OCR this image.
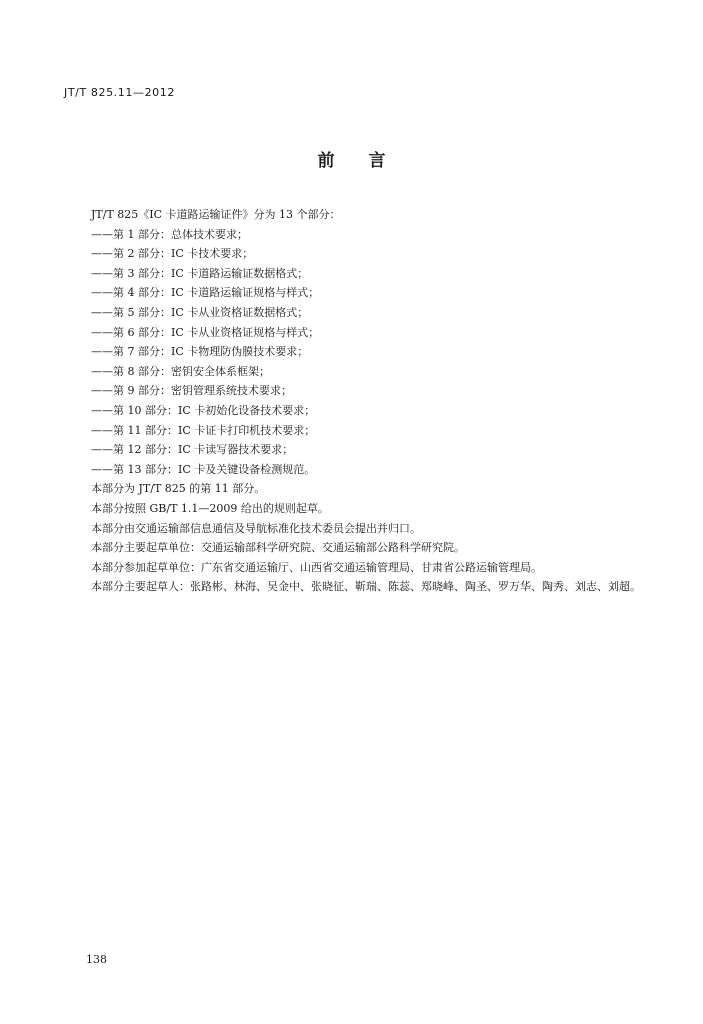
JT/T 825.11—2012
前言

JT/T 825《IC 卡道路运输证件》分为 13 个部分：

——第 1 部分：总体技术要求；

——第 2 部分：IC 卡技术要求；

——第 3 部分：IC 卡道路运输证数据格式；

——第 4 部分：IC 卡道路运输证规格与样式；

——第 5 部分：IC 卡从业资格证数据格式；

——第 6 部分：IC 卡从业资格证规格与样式；

——第 7 部分：IC 卡物理防伪膜技术要求；

——第 8 部分：密钥安全体系框架；

——第 9 部分：密钥管理系统技术要求；

——第 10 部分：IC 卡初始化设备技术要求；

——第 11 部分：IC 卡证卡打印机技术要求；

——第 12 部分：IC 卡读写器技术要求；

——第 13 部分：IC 卡及关键设备检测规范。

本部分为 JT/T 825 的第 11 部分。

本部分按照 GB/T 1.1—2009 给出的规则起草。

本部分由交通运输部信息通信及导航标准化技术委员会提出并归口。

本部分主要起草单位：交通运输部科学研究院、交通运输部公路科学研究院。

本部分参加起草单位：广东省交通运输厅、山西省交通运输管理局、甘肃省公路运输管理局。

本部分主要起草人：张路彬、林海、吴金中、张晓征、靳瑞、陈蕊、郑晓峰、陶圣、罗万华、陶秀、刘志、刘超。

138
